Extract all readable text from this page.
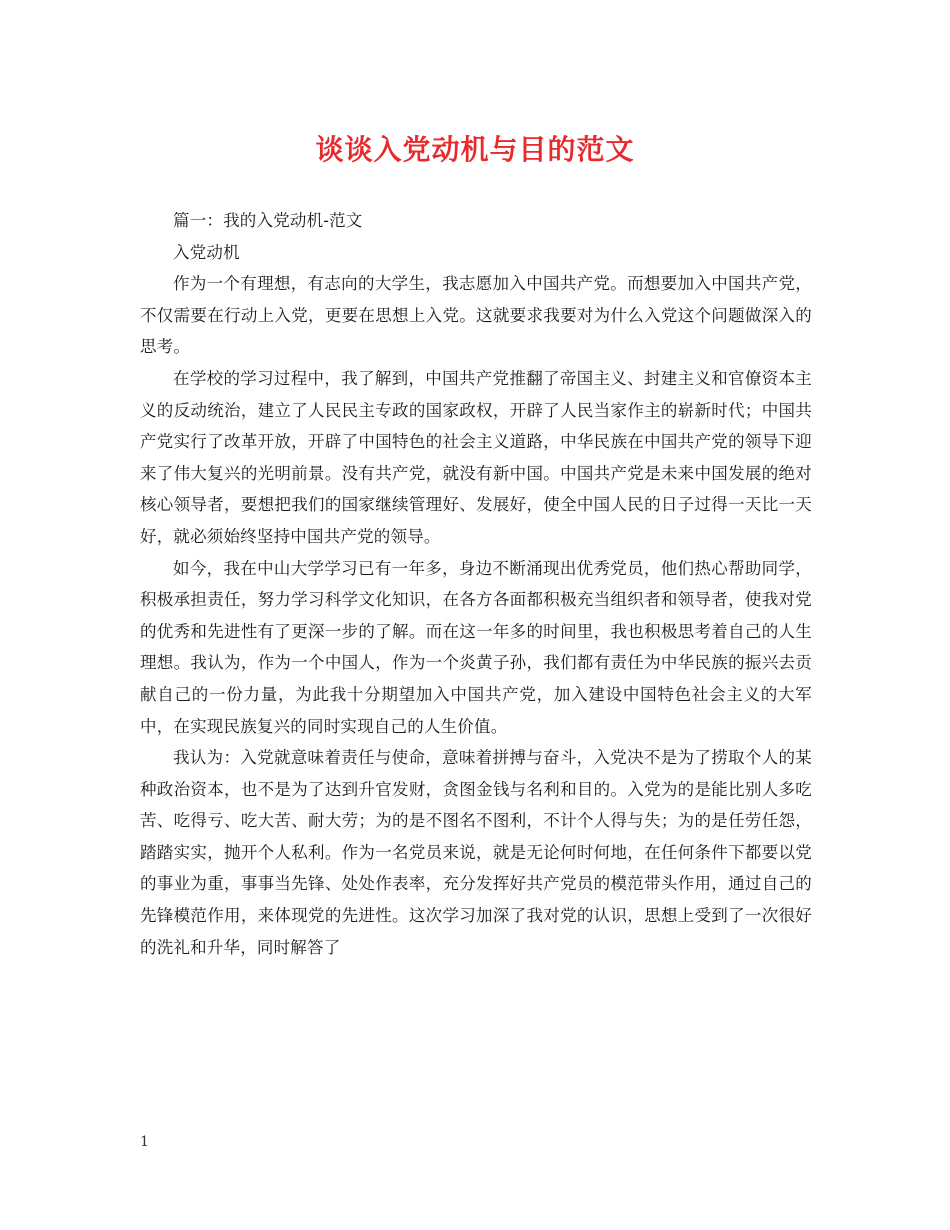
谈谈入党动机与目的范文

篇一：我的入党动机-范文

入党动机

作为一个有理想，有志向的大学生，我志愿加入中国共产党。而想要加入中国共产党，不仅需要在行动上入党，更要在思想上入党。这就要求我要对为什么入党这个问题做深入的思考。

在学校的学习过程中，我了解到，中国共产党推翻了帝国主义、封建主义和官僚资本主义的反动统治，建立了人民民主专政的国家政权，开辟了人民当家作主的崭新时代；中国共产党实行了改革开放，开辟了中国特色的社会主义道路，中华民族在中国共产党的领导下迎来了伟大复兴的光明前景。没有共产党，就没有新中国。中国共产党是未来中国发展的绝对核心领导者，要想把我们的国家继续管理好、发展好，使全中国人民的日子过得一天比一天好，就必须始终坚持中国共产党的领导。

如今，我在中山大学学习已有一年多，身边不断涌现出优秀党员，他们热心帮助同学，积极承担责任，努力学习科学文化知识，在各方各面都积极充当组织者和领导者，使我对党的优秀和先进性有了更深一步的了解。而在这一年多的时间里，我也积极思考着自己的人生理想。我认为，作为一个中国人，作为一个炎黄子孙，我们都有责任为中华民族的振兴去贡献自己的一份力量，为此我十分期望加入中国共产党，加入建设中国特色社会主义的大军中，在实现民族复兴的同时实现自己的人生价值。

我认为：入党就意味着责任与使命，意味着拼搏与奋斗，入党决不是为了捞取个人的某种政治资本，也不是为了达到升官发财，贪图金钱与名利和目的。入党为的是能比别人多吃苦、吃得亏、吃大苦、耐大劳；为的是不图名不图利，不计个人得与失；为的是任劳任怨，踏踏实实，抛开个人私利。作为一名党员来说，就是无论何时何地，在任何条件下都要以党的事业为重，事事当先锋、处处作表率，充分发挥好共产党员的模范带头作用，通过自己的先锋模范作用，来体现党的先进性。这次学习加深了我对党的认识，思想上受到了一次很好的洗礼和升华，同时解答了

1
